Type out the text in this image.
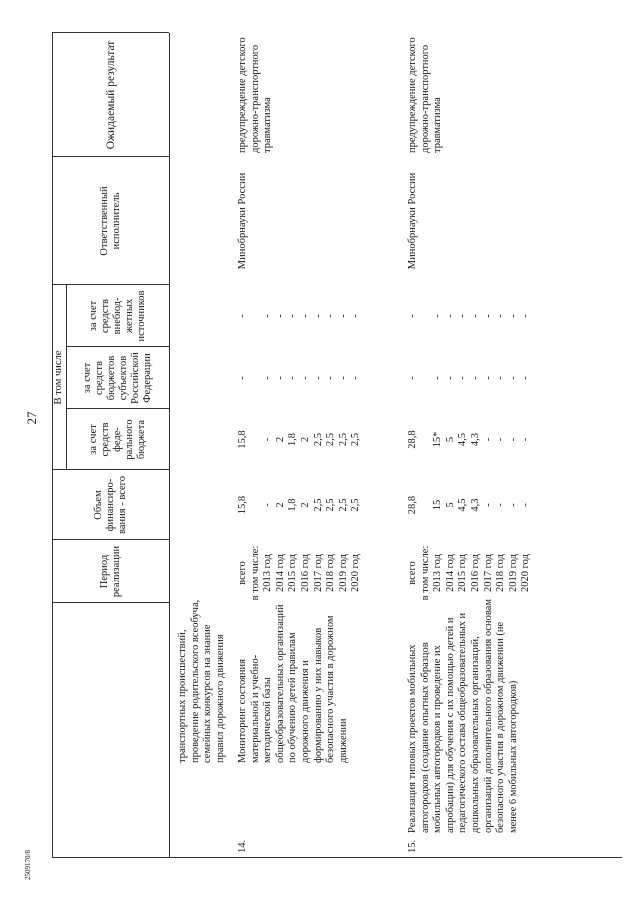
27
2509170/8
Период реализации
Объем финансиро- вания - всего
В том числе
за счет средств феде- рального бюджета
за счет средств бюджетов субъектов Российской Федерации
за счет средств внебюд- жетных источников
Ответственный исполнитель
Ожидаемый результат
транспортных происшествий, проведение родительского всеобуча, семейных конкурсов на знание правил дорожного движения
14.
Мониторинг состояния материальной и учебно-методической базы общеобразовательных организаций по обучению детей правилам дорожного движения и формированию у них навыков безопасного участия в дорожном движении
всего в том числе: 2013 год 2014 год 2015 год 2016 год 2017 год 2018 год 2019 год 2020 год
15,8 - 2 1,8 2 2,5 2,5 2,5 2,5
15,8 - 2 1,8 2 2,5 2,5 2,5 2,5
- - - - - - - - -
- - - - - - - - -
Минобрнауки России
предупреждение детского дорожно-транспортного травматизма
15.
Реализация типовых проектов мобильных автогородков (создание опытных образцов мобильных автогородков и проведение их апробации) для обучения с их помощью детей и педагогического состава общеобразовательных и дошкольных образовательных организаций, организаций дополнительного образования основам безопасного участия в дорожном движении (не менее 6 мобильных автогородков)
всего в том числе: 2013 год 2014 год 2015 год 2016 год 2017 год 2018 год 2019 год 2020 год
28,8 15 5 4,5 4,3 - - - -
28,8 15* 5 4,5 4,3 - - - -
- - - - - - - - -
- - - - - - - - -
Минобрнауки России
предупреждение детского дорожно-транспортного травматизма
